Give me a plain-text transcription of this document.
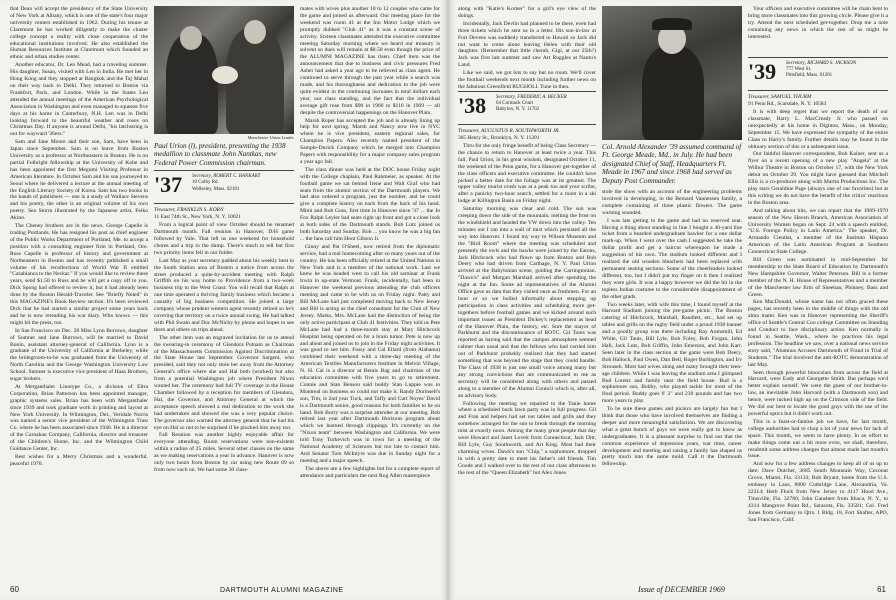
that Dean will accept the presidency of the State University of New York at Albany, which is one of the state's four major university centers established in 1962. During his tenure at Claremont he has worked diligently to make the cluster college concept a reality with close cooperation of the educational institutions involved. He also established the Human Resources Institute at Claremont which founded an ethnic and urban studies center.

Another educator, Dr. Len Mead, had a traveling summer. His daughter, Susan, visited with Len in India. He met her in Hong Kong and they stopped at Bangkok and the Taj Mahal on their way back to Delhi. They returned to Boston via Frankfurt, Paris, and London. While in the States Len attended the annual meetings of the American Psychological Association in Washington and even managed to squeeze five days at his home in Canterbury, N.H. Len was in Delhi looking forward to the beautiful weather and roses on Christmas Day. If anyone is around Delhi, "his latchstring is out for wayward '36ers."

Sam and Jane Moore and their son, Sam, have been in Japan since September. Sam is on leave from Boston University as a professor at Northeastern in Boston. He is on partial Fulbright fellowship at the University of Kobe and has been appointed the first Megumi Visiting Professor in American literature. In October Sam and his son journeyed to Seoul where he delivered a lecture at the annual meeting of the English Literary Society of Korea. Sam has two books in the hands of publishers — one is a study of Wallace Stevens and his poetry, the other is an original volume of his own poetry. Sea Storm illustrated by the Japanese artist, Feiko Akino.

The Cheney brothers are in the news. George Capelle is trading Portlands. He has resigned his post as chief engineer of the Public Works Department of Portland, Me. to accept a position with a consulting engineer firm in Portland, Ore. Russ Capelle is professor of history and government at Northeastern in Boston and has recently published a small volume of his recollections of World War II entitled "Casablanca to the Neckar." If you would like to review these years, send $1.50 to Russ and he will get a copy off to you. Dick Spong had offered to review it, but it had already been done by the Boston Herald-Traveler. See "Briefly Noted" in this MAGAZINE's Book Review section. It's been reviewed Dick that he had started a similar project some years back and he is now rereading his war diary. Who knows — this might hit the press, too.

In San Francisco on Dec. 28 Miss Lynn Burrows, daughter of Sumner and Jane Burrows, will be married to David Bonin, assistant attorney-general of California. Lynn is a graduate of the University of California at Berkeley, while the bridegroom-to-be was graduated from the University of North Carolina and the George Washington University Law School. Sumner is executive vice president of Haas Brothers, sugar brokers.

At Merganthaler Linotype Co., a division of Eltra Corporation, Brian Patterson has been appointed manager, graphic systems sales. Brian has been with Merganthaler since 1939 and took graduate work in printing and layout at New York University. In Wilmington, Del., Veridale Norris was named a senior vice president of the Wilmington Trust Co. where he has been associated since 1940. He is a director of the Carnahan Company, California, director and treasurer of the Children's Home, Inc. and the Wilmington Child Guidance Center, Inc.

Best wishes for a Merry Christmas and a wonderful, peaceful 1970.

Manchester Union Leader
Paul Urion (l), president, presenting the 1938 medallion to classmate John Nantkas, new Federal Power Commission chairman.
'37 Secretary, ROBERT C. BANKART
10 Colby Rd.
Wellesley, Mass. 02181
Treasurer, FRANKLIN S. KORN
11 East 74th St., New York, N. Y. 10021

From a logical point of view October should be renamed Dartmouth month. Fall reunion in Hanover, D/H game followed by Yale. That left us one weekend for household chores and a trip to the dump. There's much to tell but first two priority items fell in our folder.

Last May as your secretary padded about his weekly beat in the South Station area of Boston a notice from across the street produced a quite-by-accident meeting with Ralph Griffith on his way home to Providence from a two-week business trip to the West Coast. You will recall that Ralph at one time operated a thriving family business which became a casualty of big business competition. He joined a large company whose prudent western agent recently retired so he's covering that territory on a twice annual swing. He had talked with Phil Swain and Doc McNichy by phone and hopes to see them and others on trips ahead.

The other item was an engraved invitation for us to attend the swearing-in ceremony of Glendora Putnam as Chairman of the Massachusetts Commission Against Discrimination at the State House last September. Governor Sargent, who presided, said they not only stole her away from the Attorney General's office where she and Hal both (worked) but also from a potential Washington job where President Nixon wanted her. The ceremony had full TV coverage in the House Chamber followed by a reception for members of Glendora, Hal, the Governor, and Attorney General at which the acceptance speech showed a real dedication to the work she had undertaken and showed she was a very popular choice. The governor also warned the attorney general that he had his eye on Hal so not to be surprised if he plucked him away too.

Fall Reunion was another highly enjoyable affair for everyone attending. Room reservations were non-existent within a radius of 25 miles. Several other classes on the same as we making reservations a year in advance. Hanover is now only two hours from Boston by car using new Route 89 so from now such on. We had some 30 class-

mates with wives plus another 10 to 12 couples who came for the game and joined us afterward. Our meeting place for the weekend was room 41 at the Inn Motor Lodge which we promptly dubbed "Club 41" as it was a constant scene of activity. Sixteen classmates attended the executive committee meeting Saturday morning where we heard our treasury is solvent so dues will remain at $8.50 even though the price of the ALUMNI MAGAZINE has risen. Chief item was the announcement that due to business and civic pressures Fred Asher had asked a year ago to be relieved as class agent. He continued to serve through the past year while a search was made, and his thoroughness and dedication to the job were quite evident in the continuing increases in total dollars each year, our class standing, and the fact that the individual average gift rose from $90 in 1966 to $116 in 1969 — all despite the controversial happenings on the Hanover Plain.

Marsh Roper has accepted the job and is already lining up help for next spring. Marsh and Nancy now live in NYC where he is vice president, eastern regional sales, for Champion Papers. Also recently named president of the Sample-Durick Company which he merged into Champion Papers with responsibility for a major company sales program a year ago fall.

The class dinner was held at the DOC house Friday night with the College chaplain, Paul Rahmeier, as speaker. At the football game we sat behind Irene and Walt Graf who had seats from the alumni section of the Dartmouth players. We had also ordered a program, just the number, and he could give a complete history on each from the back of his head. Mimi and Bob Goss, first time in Hanover since '37 ... the Jo Fox Ralph Leyler had seats right up front and got a close look at both sides of the Dartmouth stands. Bob Lutz joined us both Saturday and Sunday. Bob ... you know he was a big fan ... the fans call him Hoot Gibson Jr.

Ginny and Pat O'Sheel, now retired from the diplomatic service, had a real homecoming after so many years out of the country. He has been officially retired at the United Nations in New York and is a member of the national work. Last we knew he was headed west to call his old seminar at Frank Irwin in up-state Vermont. Frank, incidentally, had been in Hanover the weekend previous attending the club officers meeting and came to be with us on Friday night. Patty and Bill McLane had just completed moving back to New Jersey and Bill is acting as the chief consultant for the Club of New Jersey. Marks, Mrs. McLane had the distinction of being the only active participant at Club 41 festivities. They told us Pete McLane had had a three-month stay at Mary Hitchcock Hospital being operated on for a brain tumor. Pete is now up and about and joined us to join in the Friday night activities. It was good to see him. Fossy and Cal Ellard (from Alabama) combined their weekend with a three-day meeting of the American Textiles Manufacturers Institute in Melvin Village, N. H. Cal is a director at Bemis Bag and chairman of the education committee with five years to go to retirement. Connie and Stan Benson said buddy Stan Luppie was in Montreal on business so could not make it. Randy Dorinsell's son, Tim, is 2nd year Tuck, and Taffy and Curt Noyes' David is a Dartmouth senior, good reasons for both families to be on hand. Bob Burry was a surprise attendee at our meeting. Bob retired last year after Dartmouth Horizons program about which we learned through clippings. It's currently on the "Nixon team" between Washington and California. We were told Tony Turkevich was in town for a meeting of the National Academy of Sciences but too late to contact him. And Senator Tom McIntyre was due in Sunday night for a meeting and a major speech.

The above are a few highlights but for a complete report of attendance and particulars the next Rog Allen masterpiece

60	DARTMOUTH ALUMNI MAGAZINE

along with "Katie's Korner" for a girl's eye view of the doings.

Incidentally, Jack Devlin had planned to be there, even had three tickets which he sent us in a letter. His son-in-law at Fort Devens was suddenly transferred to Hawaii so Jack did not want to come alone leaving Helen with their old daughter. (Remember that little cherub, Gigi, at our 25th?) Jack was first last summer and saw Art Ruggles at Nantu's Land.

Like we said, we got lots to say but no room. We'll cover the football weekends next month including further news on the fabulous Greenfield RUGHOLI. Tune in then.

'38 Secretary, FREDERIC A. BECKER
64 Cormack Court
Babylon, N. Y. 11702
Treasurer, AUGUSTUS R. SOUTHWORTH JR.
365 Henry St., Brooklyn, N. Y. 11201

Thru for the only fringe benefit of being Class Secretary — the chance to return to Hanover at least twice a year. This fall, Paul Urion, in his great wisdom, designated October 11, the weekend of the Penn game, for a Hanover get-together of the class officers and executive committee. He couldn't have picked a better date for the foliage was at its greatest. The upper valley tourist crush was at a peak too and your scribe, after a panicky two-hour search, settled for a room in a ski lodge at Killington Basin on Friday night.

Saturday morning was clear and cold. The sun was creeping down the side of the mountain, melting the frost on the windshield and headed the VW down into the valley. Ten minutes out I ran into a wall of mist which persisted all the way into Hanover. I found my way to Wilson Museum and the "Bird Room" where the meeting was scheduled and presently the owls and the hawks were joined by the Eatons, Jack Hitchcock who had flown up from Boston and Bob Deery who had driven from Carthage, N. Y. Paul Urion arrived at the Babylonian scene, guiding the Carringtonian. "Dawn's" and Morgan Marshall arrived after spending the night at the Inn. Some ad representatives of the Alumni Office gave us data that they visited once as freshmen. For an hour or so we boiled informally about stepping up participation in class activities and scheduling more get-togethers before football games and we kicked around such important issues as President Dickey's replacement as head of the Hanover Plain, the history, etc. Sure the mayor of Parkhurst and the discontinuance of ROTC. Gil Tonis was reported as having said that the campus atmosphere seemed calmer than usual and that the fellows who had carried him out of Parkhurst probably realized that they had started something that was beyond the stage that they could handle. The Class of 1938 is just one small voice among many but any strong convictions that are communicated to me as secretary will be considered along with others and passed along to a member of the Alumni Council which is, after all, an advisory body.

Following the meeting we repaired to the Tauie home where a scheduled buck lawn party was in full progress. Gil and Fran and helpers had set out tables and grills and they somehow arranged for the sun to break through the morning mist at exactly noon. Among the many great people that day were Howard and Janet Loveit from Connecticut, Jack Ditt, Bill Lyle, Guy Southworth, and Art King. Most had their charming wives. Dawk's son "Chip," a sophomore, dropped in with a pretty date to meet his father's old friends. Tim Goode and I walked over to the rest of our class afternoon to the rest of the "Queen Elizabeth" but Alex Jones

Col. Arnold Alexander '39 assumed command of Ft. George Meade, Md., in July. He had been designated Chief of Staff, Headquarters Ft. Meade in 1967 and since 1968 had served as Deputy Post Commander.

stole the show with an account of the engineering problems involved in developing, in the Bernard Vannessen family, a complete containing of three plastic flowers. The game warning sounded.

I was late getting to the game and had no reserved seat. Having a thing about standing in line I bought a 40-yard line ticket from a bearded undergraduate hawker for a one dollar mark-up. When I went over the cash I suggested he take the dollar profit and get a haircut whereupon he made a suggestion of his own. The stadium looked different and I realized the old wooden bleachers had been replaced with permanent seating sections. Some of the cheerleaders looked different, too, but I didn't put my finger on it then I realized they were girls. It was a happy however we did the bit in the topless Indian costume to the considerable disappointment of the other grads.

Two weeks later, with wife this time, I found myself at the Harvard Stadium joining the pre-game picnic. The Boston catering of Hitchcock, Marshall, Randlett, etc., had set up tables and grills on the rugby field under a proud 1938 banner and a goodly group was there including Ray Aumsmill, Ed White, Gil Tauis, Bill Lyle, Bob Foley, Bob Forgan, John Hall, Jack Lutz, Bob Griffin, John Emerson, and John Karr. Seen later in the class section at the game were Bob Deery, Bob Hallock, Paul Owen, Dan Bell, Roger Burlington, and Irv Strouseh. Most had wives along and many brought their teen-age children. While I was leaving the stadium area I glimpsed Bud Lorenz and family near the field house. Bud is a sophomore son, Bobby, who played tackle for most of the final period. Buddy goes 6' 2" and 230 pounds and has two more years to play.

To be sure these games and picnics are largely fun but I think that those who have involved themselves are finding a deeper and more meaningful satisfaction. We are discovering what a great bunch of guys we were really got to know as undergraduates. It is a pleasant surprise to find out that the common experience of depression years, war time, career development and meeting and raising a family has shaped us pretty much into the same mold. Call it the Dartmouth fellowship.

Your officers and executive committee will be chain bent to bring more classmates into this growing circle. Please give it a try. Attend the next scheduled get-together. Drop me a note containing any news in which the rest of us might be interested.

'39 Secretary, RICHARD S. JACKSON
777 West St.
Pittsfield, Mass. 01201
Treasurer, SAMUEL THURM
91 Penn Rd., Scarsdale, N. Y. 10583

It is with deep regret that we report the death of our classmate, Harry L. MacCready Jr. who passed on unexpectedly at his home in Dighton, Mass., on Monday, September 15. We have expressed the sympathy of the entire Class to Harry's family. Further details may be found in the obituary section of this or a subsequent issue.

Our faithful Hanover correspondent, Bob Kainer, sent us a flyer on a recent opening of a new play "Angela" at the Wilbur Theatre in Boston on October 17, with the New York debut on October 29. You might have guessed that Mitchell Ellis is a co-producer along with Martin Productions Inc. The play stars Geraldine Page (always one of our favorites) but at this writing we do not have the benefit of the critics' reactions in the Boston area.

And talking about hits, we can report that the 1969-1970 season of the New Haven Branch, American Association of University Women began on Sept. 24 with a speech entitled, "U.S. Foreign Policy in Latin America." The speaker, Dr. Armando Cieutlat, a member of the Instituto Hispano American of the Latin American Program at Southern Connecticut State College.

Bill Green was nominated in mid-September for membership to the State Board of Education by Dartmouth's New Hampshire Governor, Walter Peterson. Bill is a former member of the N. H. House of Representatives and a member of the Manchester law firm of Sheehan, Phinney, Bass and Green.

Ken MacDonald, whose name has not often graced these pages, has recently been in the middle of things with the old alma mater. Ken was in Hanover representing the Sheriff's office of Seattle's Central Coo college Committee on Standing and Conduct to face disciplinary action. Ken normally is found in Seattle, Wash., where he practices his legal profession. The headline we saw, over a national news service story said, "Alumnus Accuses Dartmouth of Fraud in Trial of Students." The trial involved the anti-ROTC demonstration of last May.

Seen through powerful binoculars from across the field at Harvard, were Eady and Georgette Smith. But perhaps we'd better explain ourself. We were the guest of our brother-in-law, an inevitable John Harvard (with a Dartmouth son) and hence, were tucked high up on the Crimson side of the field. We did our best to locate the good guys with the use of the powerful optics but it didn't work out.

This is a feast-or-famine job we have, for last month, college authorities had to chop a lot of your news for lack of space. This month, we seem to have plenty. In an effort to make things come out a bit more even, we shall, therefore, resubmit some address changes that almost made last month's issue.

And now for a few address changes to keep all of us up to date: Dave Dutcher, 3685 South Mountain Way, Coconut Grove, Miami, Fla. 33133; Bob Bryant, home from the U.S. embassy in Laos, 8000 Cutbridge Lane, Alexandria, Va. 22314; Herb Fluck from New Jersey to 4117 Hood Ave., Titusville, Fla. 32780; John Gansbert from Ithaca, N. Y., to 4314 Mangrove Point Rd., Sarasota, Fla. 33581; Col. Fred Jones from Germany to Qtrs. 1 Bldg. 18, Fort Shafter, APO, San Francisco, Calif.

Issue of DECEMBER 1969	61
